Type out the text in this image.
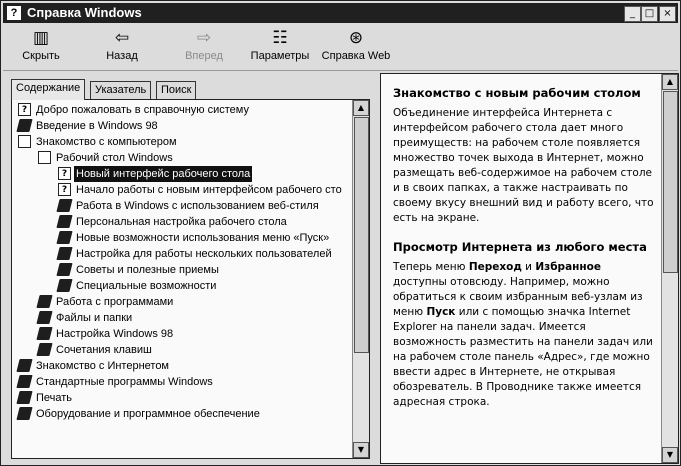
? Справка Windows	_ □ ×
▥
Скрыть
⇦
Назад
⇨
Вперед
☷
Параметры
⊛
Справка Web
Содержание	Указатель	Поиск
? Добро пожаловать в справочную систему
Введение в Windows 98
Знакомство с компьютером
Рабочий стол Windows
? Новый интерфейс рабочего стола
? Начало работы с новым интерфейсом рабочего сто
Работа в Windows с использованием веб-стиля
Персональная настройка рабочего стола
Новые возможности использования меню «Пуск»
Настройка для работы нескольких пользователей
Советы и полезные приемы
Специальные возможности
Работа с программами
Файлы и папки
Настройка Windows 98
Сочетания клавиш
Знакомство с Интернетом
Стандартные программы Windows
Печать
Оборудование и программное обеспечение
▲
▼
Знакомство с новым рабочим столом

Объединение интерфейса Интернета с интерфейсом рабочего стола дает много преимуществ: на рабочем столе появляется множество точек выхода в Интернет, можно размещать веб-содержимое на рабочем столе и в своих папках, а также настраивать по своему вкусу внешний вид и работу всего, что есть на экране.

Просмотр Интернета из любого места

Теперь меню Переход и Избранное доступны отовсюду. Например, можно обратиться к своим избранным веб-узлам из меню Пуск или с помощью значка Internet Explorer на панели задач. Имеется возможность разместить на панели задач или на рабочем столе панель «Адрес», где можно ввести адрес в Интернете, не открывая обозреватель. В Проводнике также имеется адресная строка.

▲
▼
